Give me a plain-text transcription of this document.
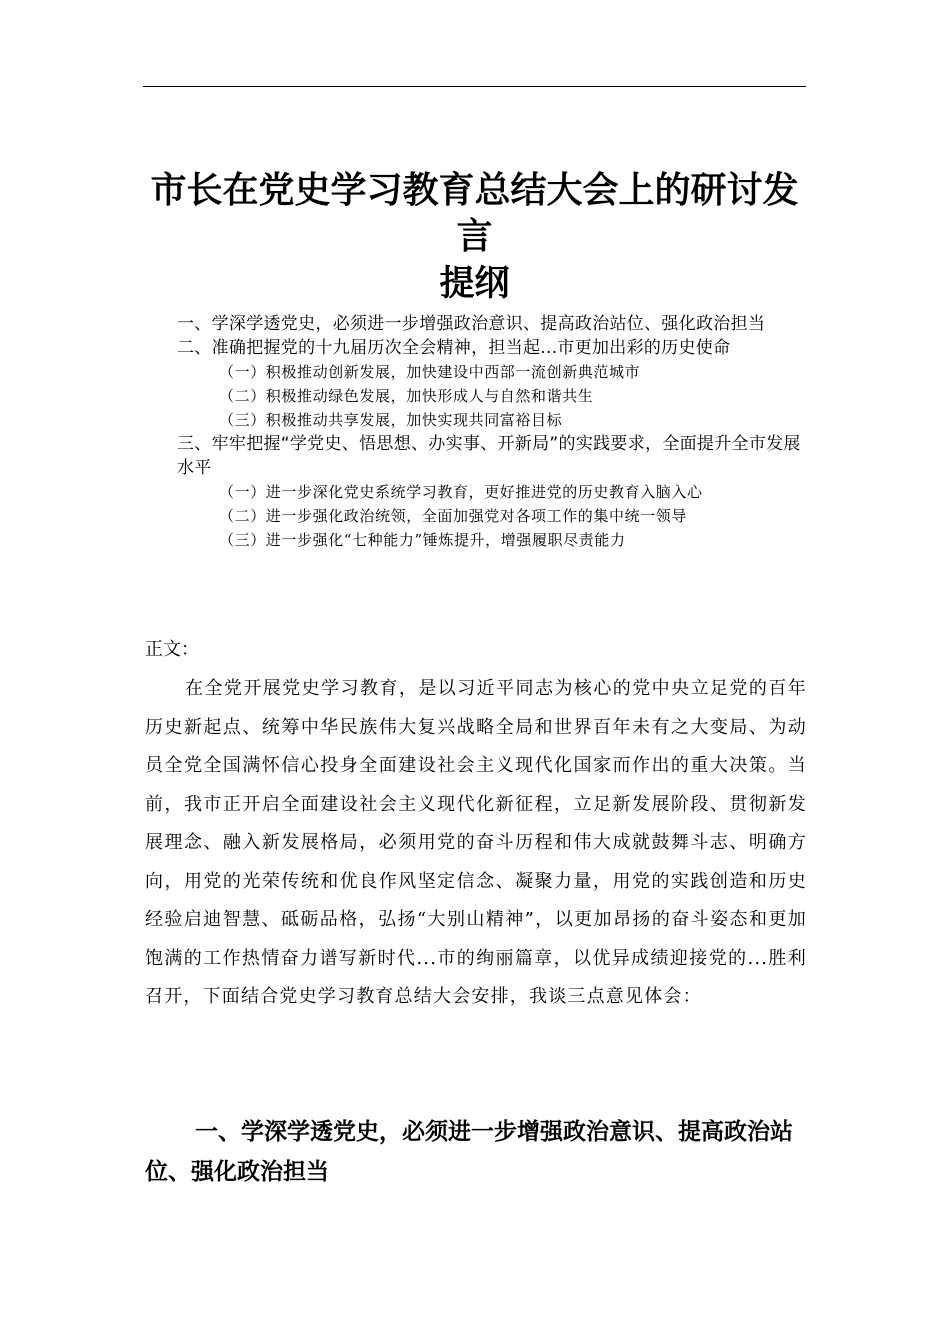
市长在党史学习教育总结大会上的研讨发言
提纲

一、学深学透党史，必须进一步增强政治意识、提高政治站位、强化政治担当

二、准确把握党的十九届历次全会精神，担当起...市更加出彩的历史使命

（一）积极推动创新发展，加快建设中西部一流创新典范城市

（二）积极推动绿色发展，加快形成人与自然和谐共生

（三）积极推动共享发展，加快实现共同富裕目标

三、牢牢把握“学党史、悟思想、办实事、开新局”的实践要求，全面提升全市发展水平

（一）进一步深化党史系统学习教育，更好推进党的历史教育入脑入心

（二）进一步强化政治统领，全面加强党对各项工作的集中统一领导

（三）进一步强化“七种能力”锤炼提升，增强履职尽责能力

正文：

在全党开展党史学习教育，是以习近平同志为核心的党中央立足党的百年历史新起点、统筹中华民族伟大复兴战略全局和世界百年未有之大变局、为动员全党全国满怀信心投身全面建设社会主义现代化国家而作出的重大决策。当前，我市正开启全面建设社会主义现代化新征程，立足新发展阶段、贯彻新发展理念、融入新发展格局，必须用党的奋斗历程和伟大成就鼓舞斗志、明确方向，用党的光荣传统和优良作风坚定信念、凝聚力量，用党的实践创造和历史经验启迪智慧、砥砺品格，弘扬“大别山精神”，以更加昂扬的奋斗姿态和更加饱满的工作热情奋力谱写新时代...市的绚丽篇章，以优异成绩迎接党的...胜利召开，下面结合党史学习教育总结大会安排，我谈三点意见体会：

一、学深学透党史，必须进一步增强政治意识、提高政治站位、强化政治担当
